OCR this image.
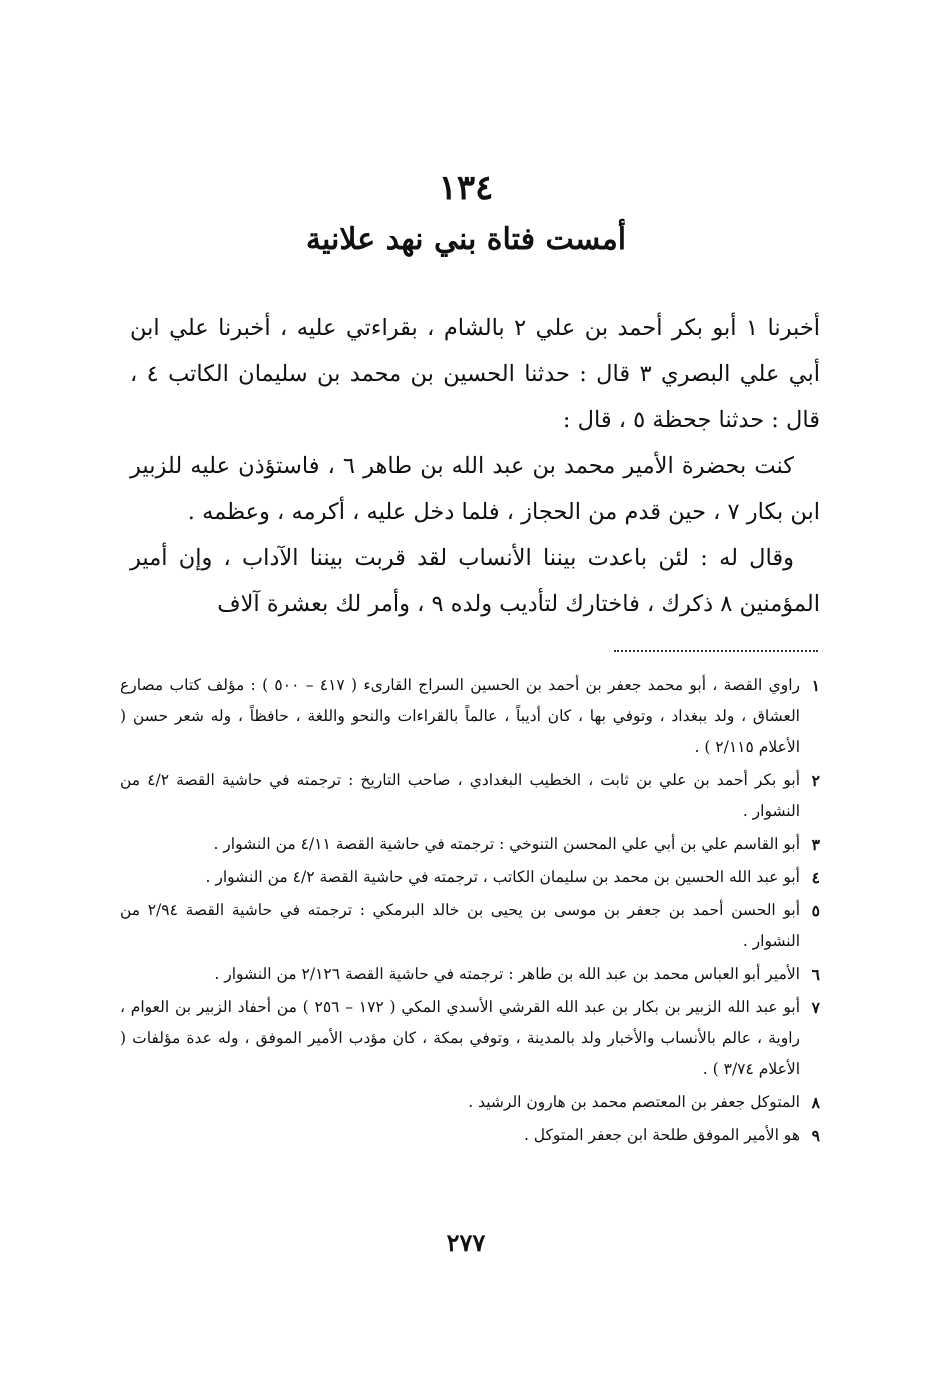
١٣٤
أمست فتاة بني نهد علانية

أخبرنا ١ أبو بكر أحمد بن علي ٢ بالشام ، بقراءتي عليه ، أخبرنا علي ابن أبي علي البصري ٣ قال : حدثنا الحسين بن محمد بن سليمان الكاتب ٤ ، قال : حدثنا جحظة ٥ ، قال :

كنت بحضرة الأمير محمد بن عبد الله بن طاهر ٦ ، فاستؤذن عليه للزبير ابن بكار ٧ ، حين قدم من الحجاز ، فلما دخل عليه ، أكرمه ، وعظمه .

وقال له : لئن باعدت بيننا الأنساب لقد قربت بيننا الآداب ، وإن أمير المؤمنين ٨ ذكرك ، فاختارك لتأديب ولده ٩ ، وأمر لك بعشرة آلاف

١
راوي القصة ، أبو محمد جعفر بن أحمد بن الحسين السراج القارىء ( ٤١٧ – ٥٠٠ ) : مؤلف كتاب مصارع العشاق ، ولد ببغداد ، وتوفي بها ، كان أديباً ، عالماً بالقراءات والنحو واللغة ، حافظاً ، وله شعر حسن ( الأعلام ٢/١١٥ ) .
٢
أبو بكر أحمد بن علي بن ثابت ، الخطيب البغدادي ، صاحب التاريخ : ترجمته في حاشية القصة ٤/٢ من النشوار .
٣
أبو القاسم علي بن أبي علي المحسن التنوخي : ترجمته في حاشية القصة ٤/١١ من النشوار .
٤
أبو عبد الله الحسين بن محمد بن سليمان الكاتب ، ترجمته في حاشية القصة ٤/٢ من النشوار .
٥
أبو الحسن أحمد بن جعفر بن موسى بن يحيى بن خالد البرمكي : ترجمته في حاشية القصة ٢/٩٤ من النشوار .
٦
الأمير أبو العباس محمد بن عبد الله بن طاهر : ترجمته في حاشية القصة ٢/١٢٦ من النشوار .
٧
أبو عبد الله الزبير بن بكار بن عبد الله القرشي الأسدي المكي ( ١٧٢ – ٢٥٦ ) من أحفاد الزبير بن العوام ، راوية ، عالم بالأنساب والأخبار ولد بالمدينة ، وتوفي بمكة ، كان مؤدب الأمير الموفق ، وله عدة مؤلفات ( الأعلام ٣/٧٤ ) .
٨
المتوكل جعفر بن المعتصم محمد بن هارون الرشيد .
٩
هو الأمير الموفق طلحة ابن جعفر المتوكل .
٢٧٧
